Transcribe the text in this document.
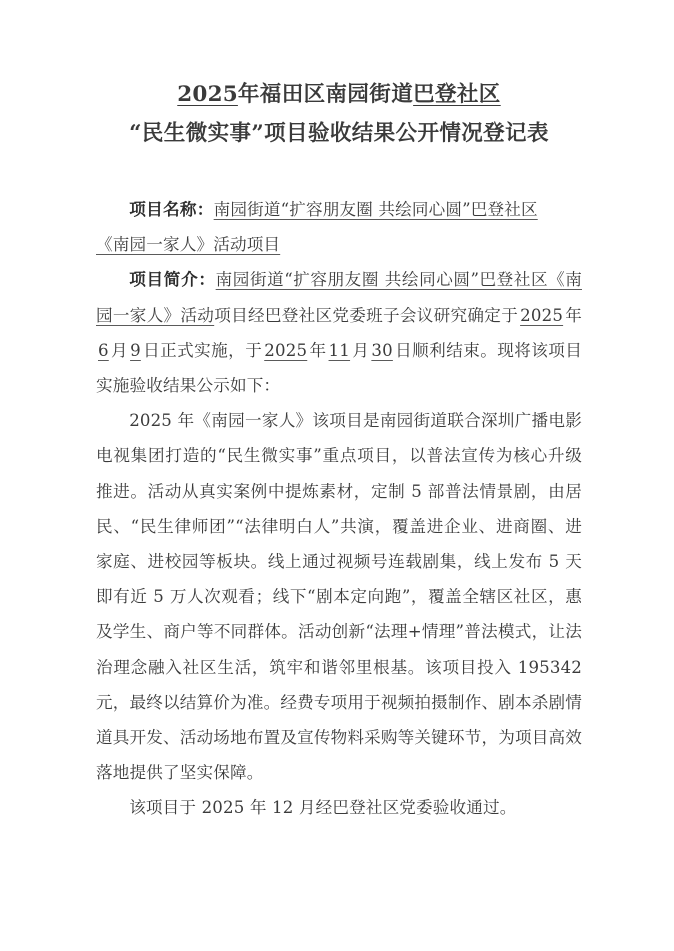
2025年福田区南园街道巴登社区
“民生微实事”项目验收结果公开情况登记表

项目名称：南园街道“扩容朋友圈 共绘同心圆”巴登社区
《南园一家人》活动项目

项目简介：南园街道“扩容朋友圈 共绘同心圆”巴登社区《南园一家人》活动项目经巴登社区党委班子会议研究确定于 2025 年6 月 9 日正式实施，于 2025 年 11 月 30 日顺利结束。现将该项目实施验收结果公示如下：

2025 年《南园一家人》该项目是南园街道联合深圳广播电影电视集团打造的“民生微实事”重点项目，以普法宣传为核心升级推进。活动从真实案例中提炼素材，定制 5 部普法情景剧，由居民、“民生律师团”“法律明白人”共演，覆盖进企业、进商圈、进家庭、进校园等板块。线上通过视频号连载剧集，线上发布 5 天即有近 5 万人次观看；线下“剧本定向跑”，覆盖全辖区社区，惠及学生、商户等不同群体。活动创新“法理+情理”普法模式，让法治理念融入社区生活，筑牢和谐邻里根基。该项目投入 195342 元，最终以结算价为准。经费专项用于视频拍摄制作、剧本杀剧情道具开发、活动场地布置及宣传物料采购等关键环节，为项目高效落地提供了坚实保障。

该项目于 2025 年 12 月经巴登社区党委验收通过。
